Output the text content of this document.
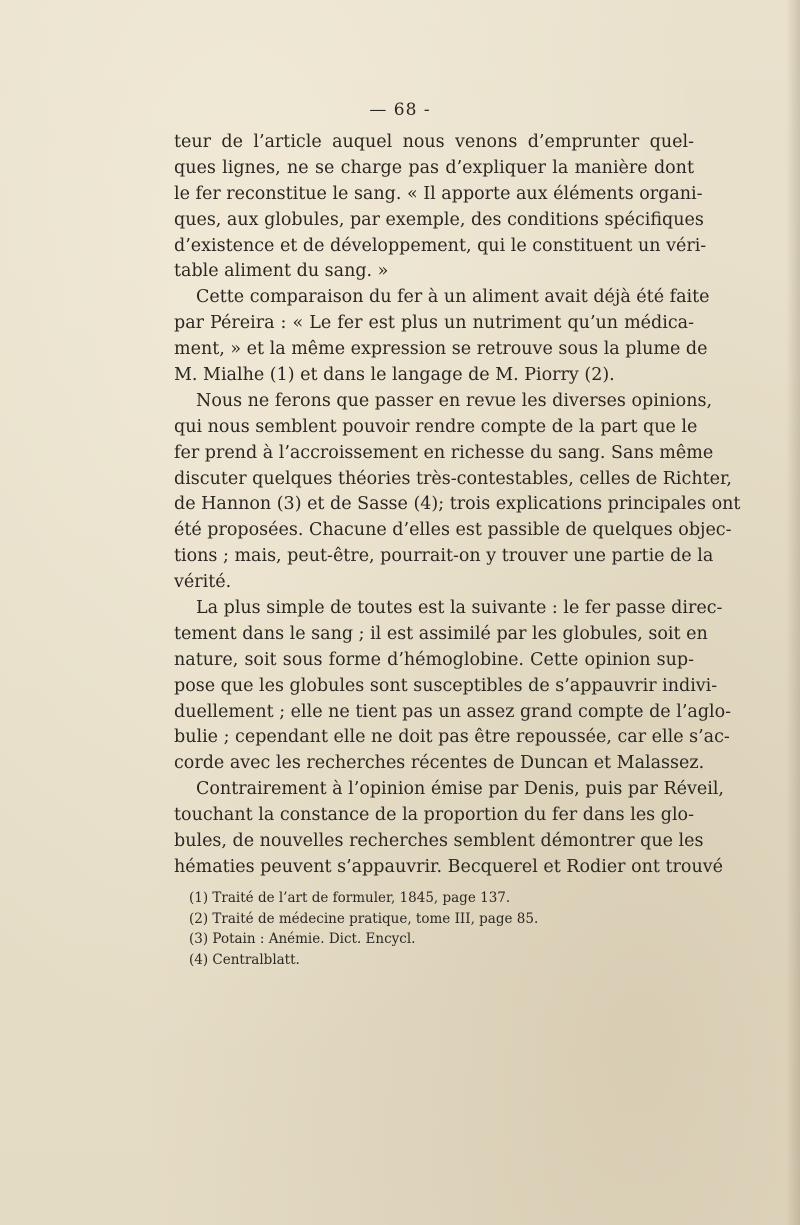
— 68 -
teur de l’article auquel nous venons d’emprunter quel-
ques lignes, ne se charge pas d’expliquer la manière dont
le fer reconstitue le sang. « Il apporte aux éléments organi-
ques, aux globules, par exemple, des conditions spécifiques
d’existence et de développement, qui le constituent un véri-
table aliment du sang. »
Cette comparaison du fer à un aliment avait déjà été faite
par Péreira : « Le fer est plus un nutriment qu’un médica-
ment, » et la même expression se retrouve sous la plume de
M. Mialhe (1) et dans le langage de M. Piorry (2).
Nous ne ferons que passer en revue les diverses opinions,
qui nous semblent pouvoir rendre compte de la part que le
fer prend à l’accroissement en richesse du sang. Sans même
discuter quelques théories très-contestables, celles de Richter,
de Hannon (3) et de Sasse (4); trois explications principales ont
été proposées. Chacune d’elles est passible de quelques objec-
tions ; mais, peut-être, pourrait-on y trouver une partie de la
vérité.
La plus simple de toutes est la suivante : le fer passe direc-
tement dans le sang ; il est assimilé par les globules, soit en
nature, soit sous forme d’hémoglobine. Cette opinion sup-
pose que les globules sont susceptibles de s’appauvrir indivi-
duellement ; elle ne tient pas un assez grand compte de l’aglo-
bulie ; cependant elle ne doit pas être repoussée, car elle s’ac-
corde avec les recherches récentes de Duncan et Malassez.
Contrairement à l’opinion émise par Denis, puis par Réveil,
touchant la constance de la proportion du fer dans les glo-
bules, de nouvelles recherches semblent démontrer que les
hématies peuvent s’appauvrir. Becquerel et Rodier ont trouvé
(1) Traité de l’art de formuler, 1845, page 137.
(2) Traité de médecine pratique, tome III, page 85.
(3) Potain : Anémie. Dict. Encycl.
(4) Centralblatt.
